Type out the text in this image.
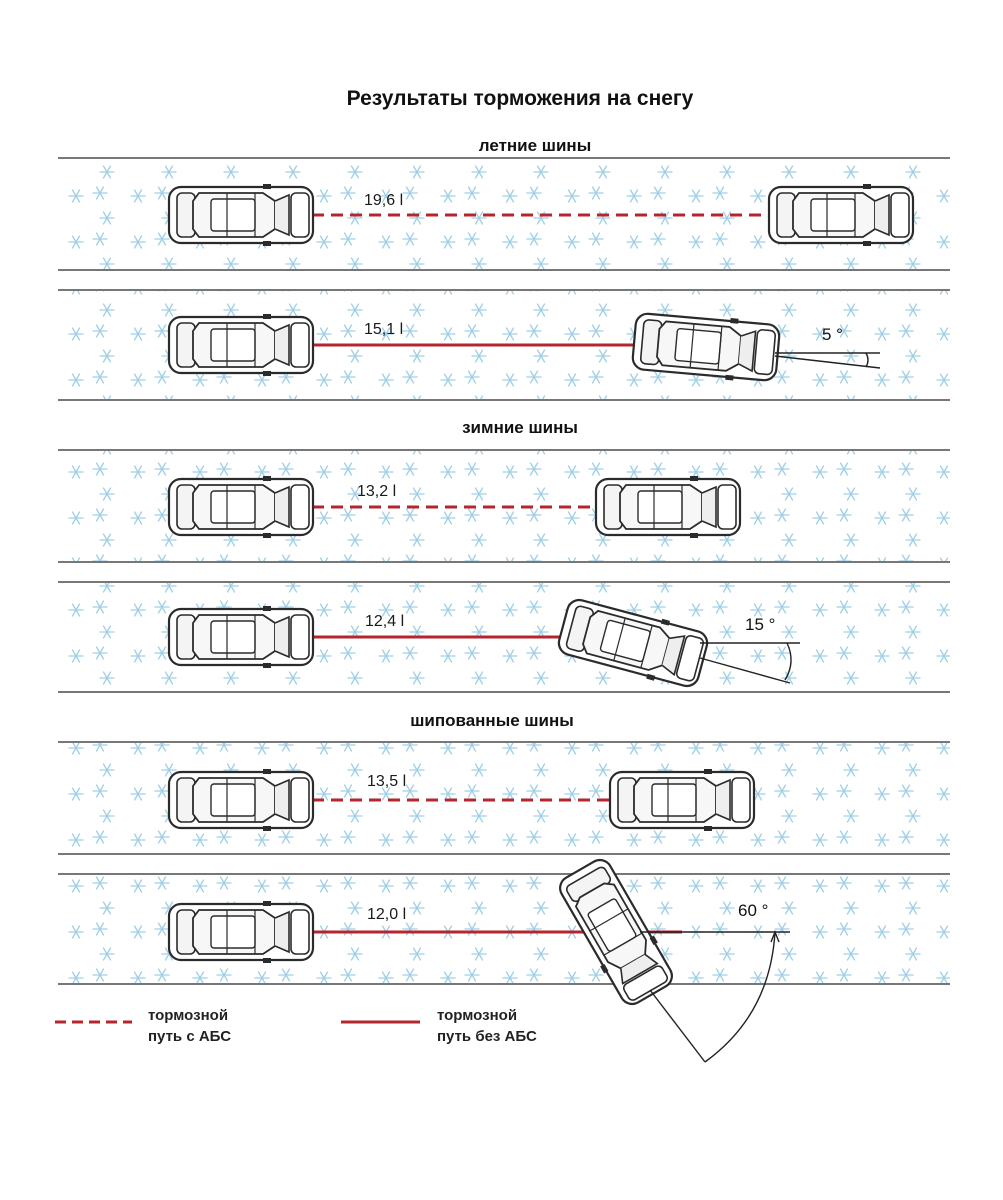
Результаты торможения на снегу
летние шины
зимние шины
шипованные шины
19,6 l
5 °
15,1 l
13,2 l
15 °
12,4 l
13,5 l
60 °
12,0 l
тормозной
путь с АБС
тормозной
путь без АБС
